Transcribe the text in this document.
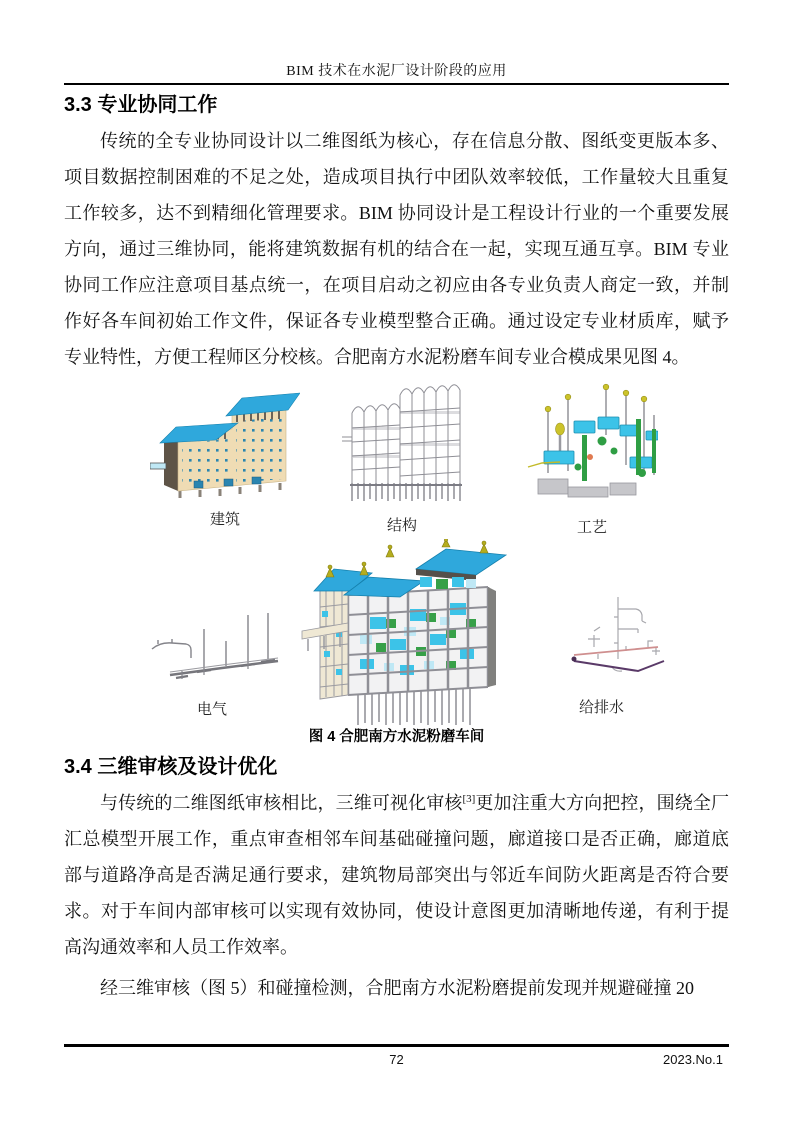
BIM 技术在水泥厂设计阶段的应用
3.3 专业协同工作

传统的全专业协同设计以二维图纸为核心，存在信息分散、图纸变更版本多、项目数据控制困难的不足之处，造成项目执行中团队效率较低，工作量较大且重复工作较多，达不到精细化管理要求。BIM 协同设计是工程设计行业的一个重要发展方向，通过三维协同，能将建筑数据有机的结合在一起，实现互通互享。BIM 专业协同工作应注意项目基点统一，在项目启动之初应由各专业负责人商定一致，并制作好各车间初始工作文件，保证各专业模型整合正确。通过设定专业材质库，赋予专业特性，方便工程师区分校核。合肥南方水泥粉磨车间专业合模成果见图 4。

建筑	结构	工艺
电气	给排水
图 4 合肥南方水泥粉磨车间
3.4 三维审核及设计优化

与传统的二维图纸审核相比，三维可视化审核[3]更加注重大方向把控，围绕全厂汇总模型开展工作，重点审查相邻车间基础碰撞问题，廊道接口是否正确，廊道底部与道路净高是否满足通行要求，建筑物局部突出与邻近车间防火距离是否符合要求。对于车间内部审核可以实现有效协同，使设计意图更加清晰地传递，有利于提高沟通效率和人员工作效率。

经三维审核（图 5）和碰撞检测，合肥南方水泥粉磨提前发现并规避碰撞 20

72	2023.No.1
